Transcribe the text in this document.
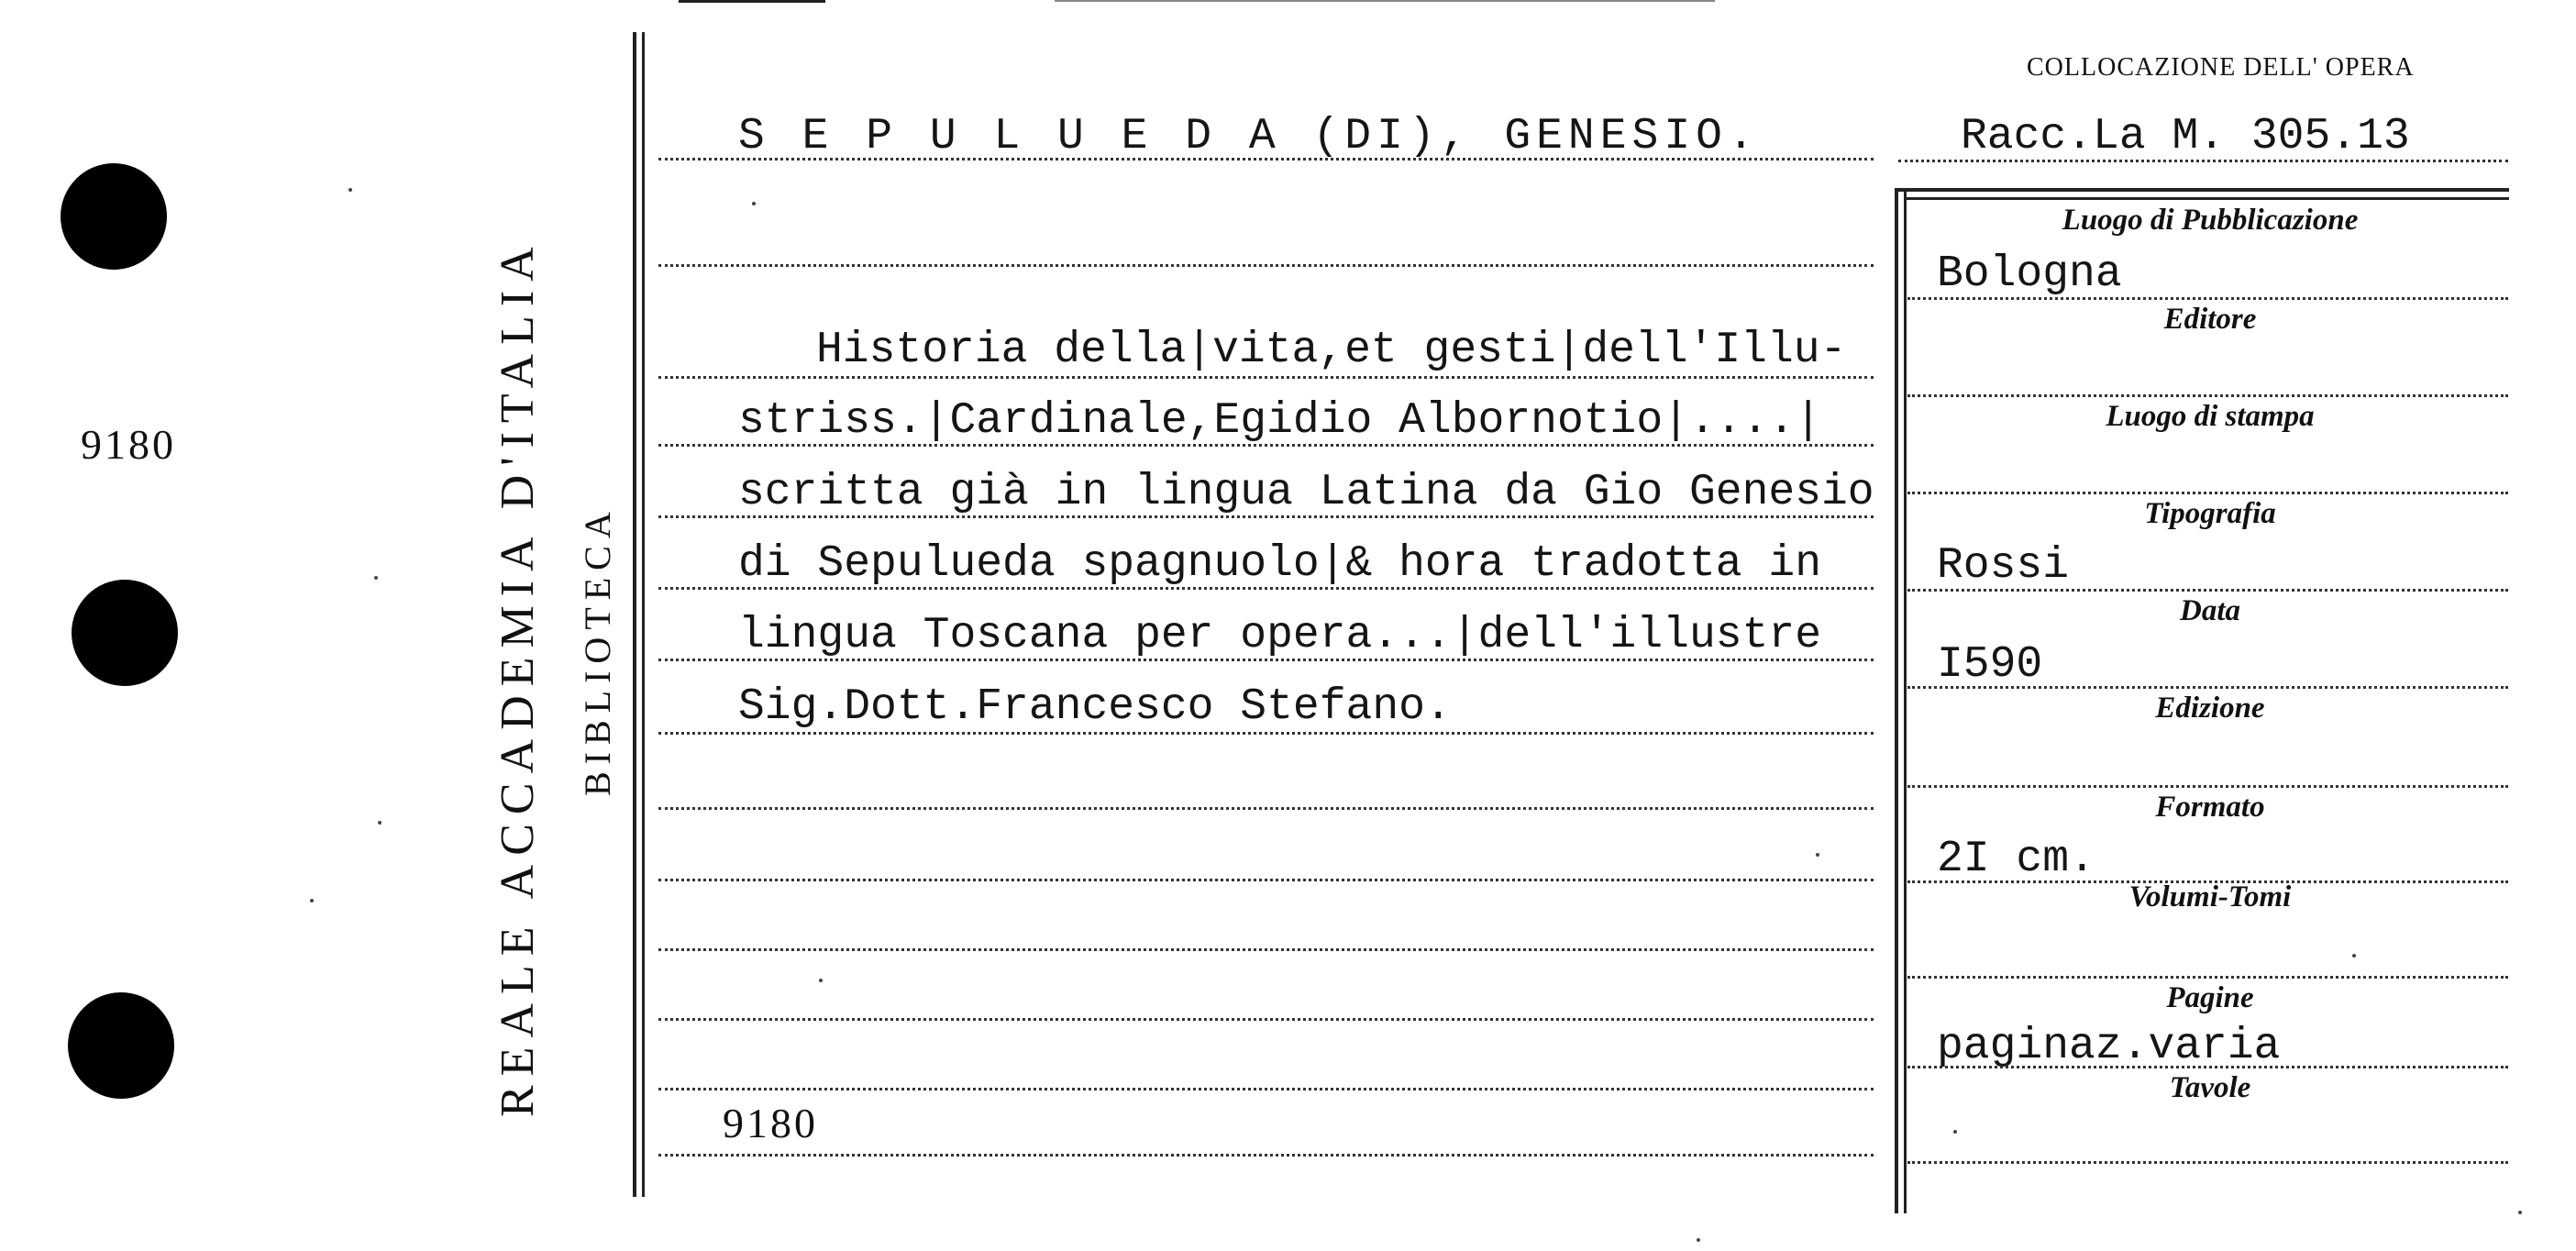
9180	REALE ACCADEMIA D'ITALIA BIBLIOTECA
COLLOCAZIONE DELL' OPERA
S E P U L U E D A (DI), GENESIO.	Racc.La M. 305.13
Historia della|vita,et gesti|dell'Illu-
striss.|Cardinale,Egidio Albornotio|....|
scritta già in lingua Latina da Gio Genesio
di Sepulueda spagnuolo|& hora tradotta in
lingua Toscana per opera...|dell'illustre
Sig.Dott.Francesco Stefano.
9180
Luogo di Pubblicazione
Bologna
Editore
Luogo di stampa
Tipografia
Rossi
Data
I590
Edizione
Formato
2I cm.
Volumi-Tomi
Pagine
paginaz.varia
Tavole
